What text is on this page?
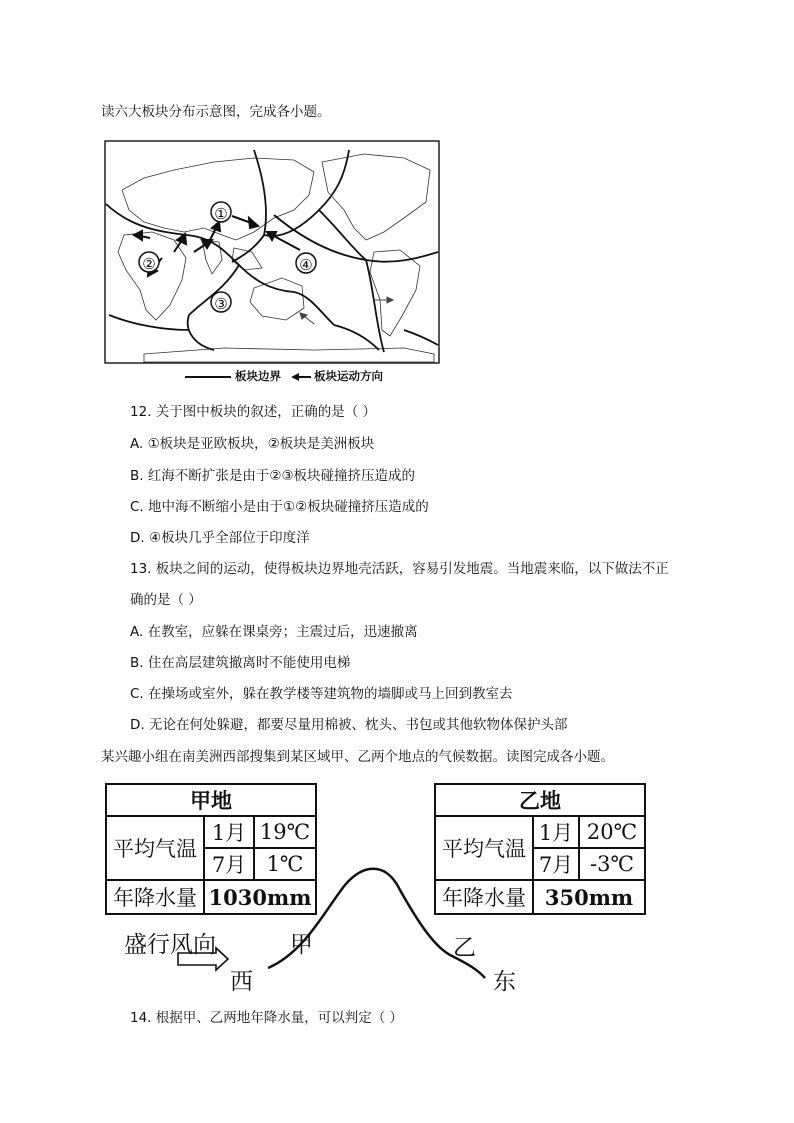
读六大板块分布示意图，完成各小题。
①
②
③
④
板块边界	板块运动方向
12. 关于图中板块的叙述，正确的是（ ）
A. ①板块是亚欧板块，②板块是美洲板块
B. 红海不断扩张是由于②③板块碰撞挤压造成的
C. 地中海不断缩小是由于①②板块碰撞挤压造成的
D. ④板块几乎全部位于印度洋
13. 板块之间的运动，使得板块边界地壳活跃，容易引发地震。当地震来临，以下做法不正
确的是（ ）
A. 在教室，应躲在课桌旁；主震过后，迅速撤离
B. 住在高层建筑撤离时不能使用电梯
C. 在操场或室外，躲在教学楼等建筑物的墙脚或马上回到教室去
D. 无论在何处躲避，都要尽量用棉被、枕头、书包或其他软物体保护头部
某兴趣小组在南美洲西部搜集到某区域甲、乙两个地点的气候数据。读图完成各小题。
甲地		
平均气温	1月	19℃
	7月	1℃
年降水量	1030mm	
乙地		
平均气温	1月	20℃
	7月	-3℃
年降水量	350mm	
盛行风向
西	东
甲	乙
14. 根据甲、乙两地年降水量，可以判定（ ）
